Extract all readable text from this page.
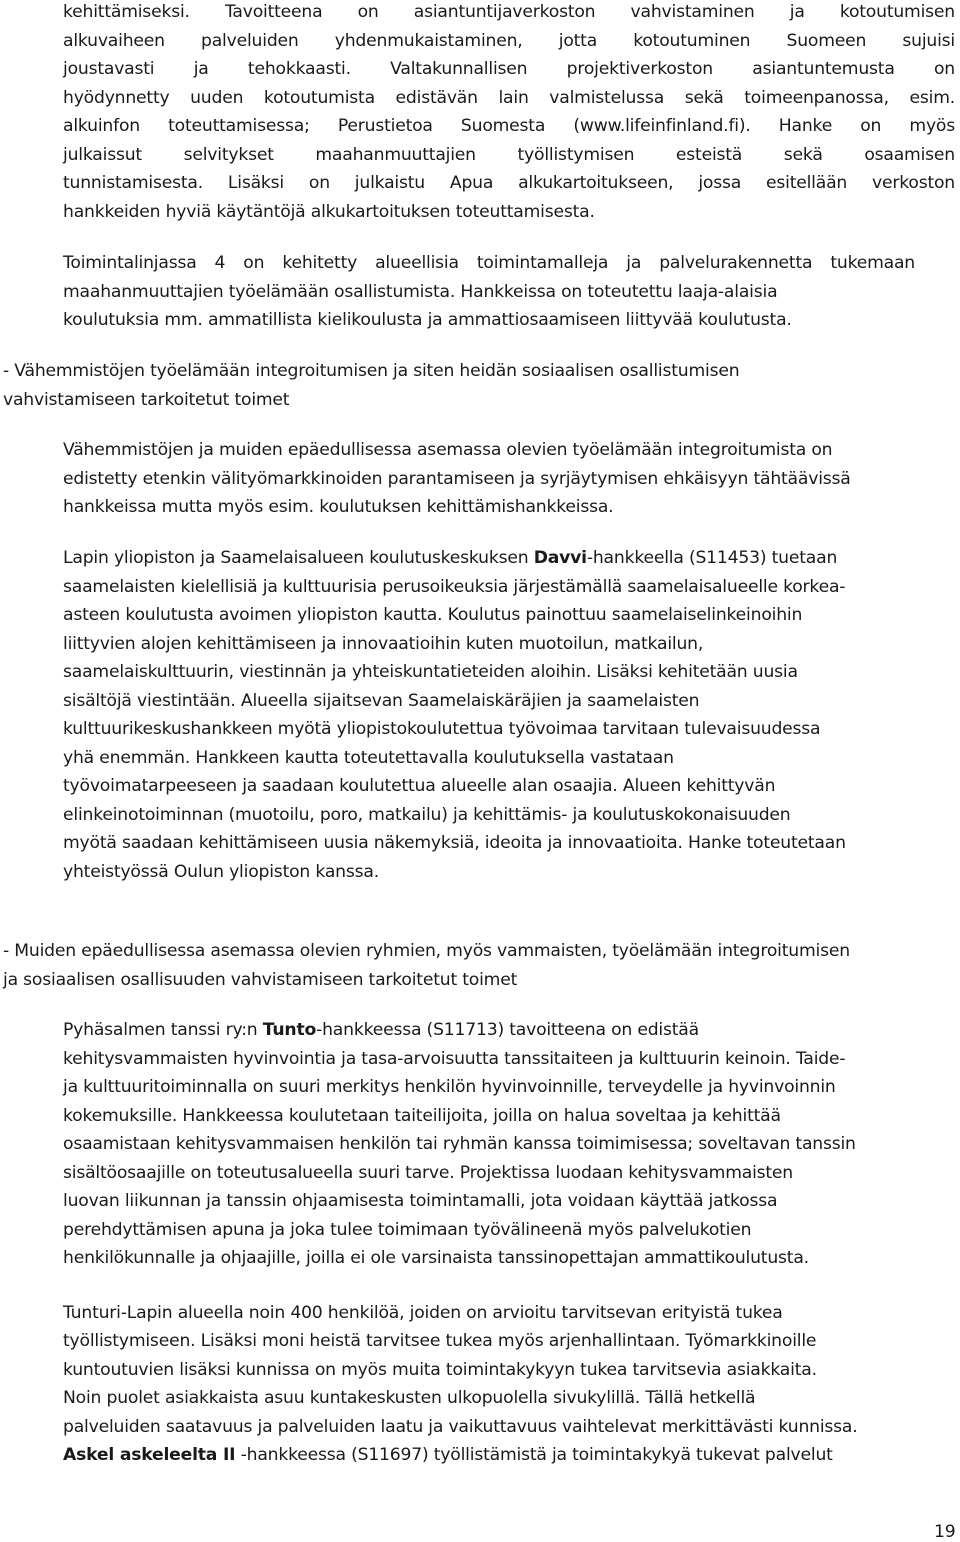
kehittämiseksi. Tavoitteena on asiantuntijaverkoston vahvistaminen ja kotoutumisen
alkuvaiheen palveluiden yhdenmukaistaminen, jotta kotoutuminen Suomeen sujuisi
joustavasti ja tehokkaasti. Valtakunnallisen projektiverkoston asiantuntemusta on
hyödynnetty uuden kotoutumista edistävän lain valmistelussa sekä toimeenpanossa, esim.
alkuinfon toteuttamisessa; Perustietoa Suomesta (www.lifeinfinland.fi). Hanke on myös
julkaissut selvitykset maahanmuuttajien työllistymisen esteistä sekä osaamisen
tunnistamisesta. Lisäksi on julkaistu Apua alkukartoitukseen, jossa esitellään verkoston
hankkeiden hyviä käytäntöjä alkukartoituksen toteuttamisesta.
Toimintalinjassa 4 on kehitetty alueellisia toimintamalleja ja palvelurakennetta tukemaan
maahanmuuttajien työelämään osallistumista. Hankkeissa on toteutettu laaja-alaisia
koulutuksia mm. ammatillista kielikoulusta ja ammattiosaamiseen liittyvää koulutusta.
- Vähemmistöjen työelämään integroitumisen ja siten heidän sosiaalisen osallistumisen
vahvistamiseen tarkoitetut toimet
Vähemmistöjen ja muiden epäedullisessa asemassa olevien työelämään integroitumista on
edistetty etenkin välityömarkkinoiden parantamiseen ja syrjäytymisen ehkäisyyn tähtäävissä
hankkeissa mutta myös esim. koulutuksen kehittämishankkeissa.
Lapin yliopiston ja Saamelaisalueen koulutuskeskuksen Davvi-hankkeella (S11453) tuetaan
saamelaisten kielellisiä ja kulttuurisia perusoikeuksia järjestämällä saamelaisalueelle korkea-
asteen koulutusta avoimen yliopiston kautta. Koulutus painottuu saamelaiselinkeinoihin
liittyvien alojen kehittämiseen ja innovaatioihin kuten muotoilun, matkailun,
saamelaiskulttuurin, viestinnän ja yhteiskuntatieteiden aloihin. Lisäksi kehitetään uusia
sisältöjä viestintään. Alueella sijaitsevan Saamelaiskäräjien ja saamelaisten
kulttuurikeskushankkeen myötä yliopistokoulutettua työvoimaa tarvitaan tulevaisuudessa
yhä enemmän. Hankkeen kautta toteutettavalla koulutuksella vastataan
työvoimatarpeeseen ja saadaan koulutettua alueelle alan osaajia. Alueen kehittyvän
elinkeinotoiminnan (muotoilu, poro, matkailu) ja kehittämis- ja koulutuskokonaisuuden
myötä saadaan kehittämiseen uusia näkemyksiä, ideoita ja innovaatioita. Hanke toteutetaan
yhteistyössä Oulun yliopiston kanssa.
- Muiden epäedullisessa asemassa olevien ryhmien, myös vammaisten, työelämään integroitumisen
ja sosiaalisen osallisuuden vahvistamiseen tarkoitetut toimet
Pyhäsalmen tanssi ry:n Tunto-hankkeessa (S11713) tavoitteena on edistää
kehitysvammaisten hyvinvointia ja tasa-arvoisuutta tanssitaiteen ja kulttuurin keinoin. Taide-
ja kulttuuritoiminnalla on suuri merkitys henkilön hyvinvoinnille, terveydelle ja hyvinvoinnin
kokemuksille. Hankkeessa koulutetaan taiteilijoita, joilla on halua soveltaa ja kehittää
osaamistaan kehitysvammaisen henkilön tai ryhmän kanssa toimimisessa; soveltavan tanssin
sisältöosaajille on toteutusalueella suuri tarve. Projektissa luodaan kehitysvammaisten
luovan liikunnan ja tanssin ohjaamisesta toimintamalli, jota voidaan käyttää jatkossa
perehdyttämisen apuna ja joka tulee toimimaan työvälineenä myös palvelukotien
henkilökunnalle ja ohjaajille, joilla ei ole varsinaista tanssinopettajan ammattikoulutusta.
Tunturi-Lapin alueella noin 400 henkilöä, joiden on arvioitu tarvitsevan erityistä tukea
työllistymiseen. Lisäksi moni heistä tarvitsee tukea myös arjenhallintaan. Työmarkkinoille
kuntoutuvien lisäksi kunnissa on myös muita toimintakykyyn tukea tarvitsevia asiakkaita.
Noin puolet asiakkaista asuu kuntakeskusten ulkopuolella sivukylillä. Tällä hetkellä
palveluiden saatavuus ja palveluiden laatu ja vaikuttavuus vaihtelevat merkittävästi kunnissa.
Askel askeleelta II -hankkeessa (S11697) työllistämistä ja toimintakykyä tukevat palvelut
19
